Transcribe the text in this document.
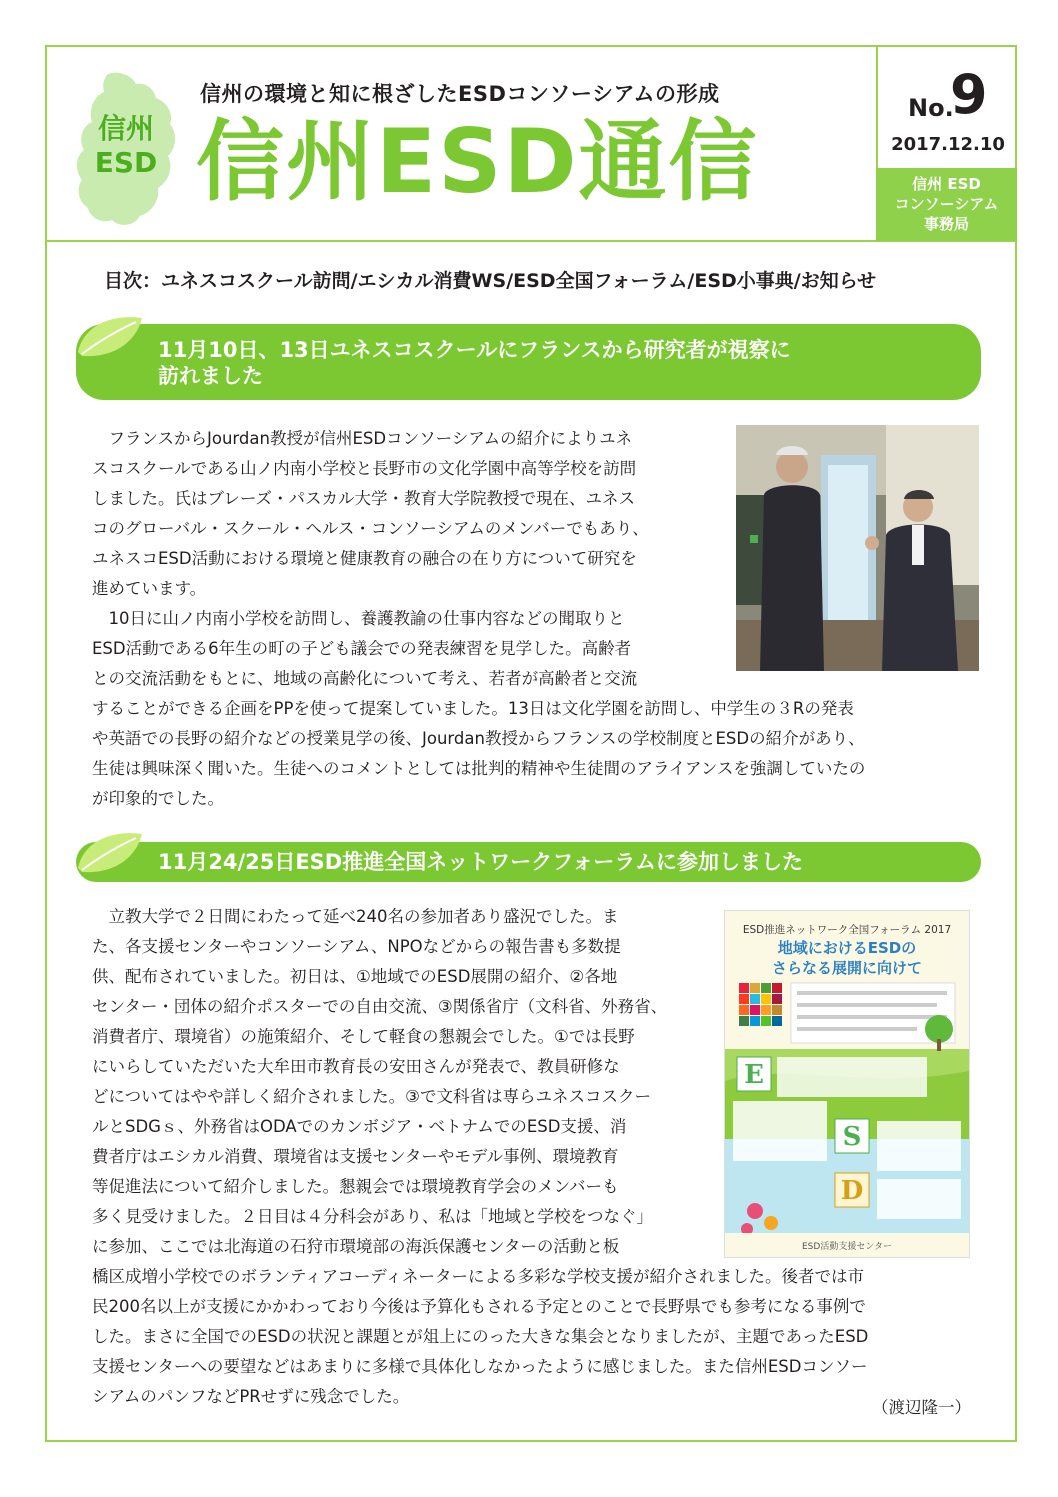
信州ESD
信州の環境と知に根ざしたESDコンソーシアムの形成
信州ESD通信
No.
9
2017.12.10
信州 ESD
コンソーシアム
事務局
目次：ユネスコスクール訪問/エシカル消費WS/ESD全国フォーラム/ESD小事典/お知らせ
11月10日、13日ユネスコスクールにフランスから研究者が視察に
訪れました

フランスからJourdan教授が信州ESDコンソーシアムの紹介によりユネ

スコスクールである山ノ内南小学校と長野市の文化学園中高等学校を訪問
しました。氏はブレーズ・パスカル大学・教育大学院教授で現在、ユネス
コのグローバル・スクール・ヘルス・コンソーシアムのメンバーでもあり、
ユネスコESD活動における環境と健康教育の融合の在り方について研究を
進めています。

10日に山ノ内南小学校を訪問し、養護教諭の仕事内容などの聞取りと

ESD活動である6年生の町の子ども議会での発表練習を見学した。高齢者
との交流活動をもとに、地域の高齢化について考え、若者が高齢者と交流
することができる企画をPPを使って提案していました。13日は文化学園を訪問し、中学生の３Rの発表
や英語での長野の紹介などの授業見学の後、Jourdan教授からフランスの学校制度とESDの紹介があり、
生徒は興味深く聞いた。生徒へのコメントとしては批判的精神や生徒間のアライアンスを強調していたの
が印象的でした。
11月24/25日ESD推進全国ネットワークフォーラムに参加しました

立教大学で２日間にわたって延べ240名の参加者あり盛況でした。ま

た、各支援センターやコンソーシアム、NPOなどからの報告書も多数提
供、配布されていました。初日は、①地域でのESD展開の紹介、②各地
センター・団体の紹介ポスターでの自由交流、③関係省庁（文科省、外務省、
消費者庁、環境省）の施策紹介、そして軽食の懇親会でした。①では長野
にいらしていただいた大牟田市教育長の安田さんが発表で、教員研修な
どについてはやや詳しく紹介されました。③で文科省は専らユネスコスクー
ルとSDGｓ、外務省はODAでのカンボジア・ベトナムでのESD支援、消
費者庁はエシカル消費、環境省は支援センターやモデル事例、環境教育
等促進法について紹介しました。懇親会では環境教育学会のメンバーも
多く見受けました。２日目は４分科会があり、私は「地域と学校をつなぐ」
に参加、ここでは北海道の石狩市環境部の海浜保護センターの活動と板
橋区成増小学校でのボランティアコーディネーターによる多彩な学校支援が紹介されました。後者では市
民200名以上が支援にかかわっており今後は予算化もされる予定とのことで長野県でも参考になる事例で
した。まさに全国でのESDの状況と課題とが俎上にのった大きな集会となりましたが、主題であったESD
支援センターへの要望などはあまりに多様で具体化しなかったように感じました。また信州ESDコンソー
シアムのパンフなどPRせずに残念でした。
ESD推進ネットワーク全国フォーラム 2017
地域におけるESDの
さらなる展開に向けて
E
S
D
ESD活動支援センター
（渡辺隆一）
